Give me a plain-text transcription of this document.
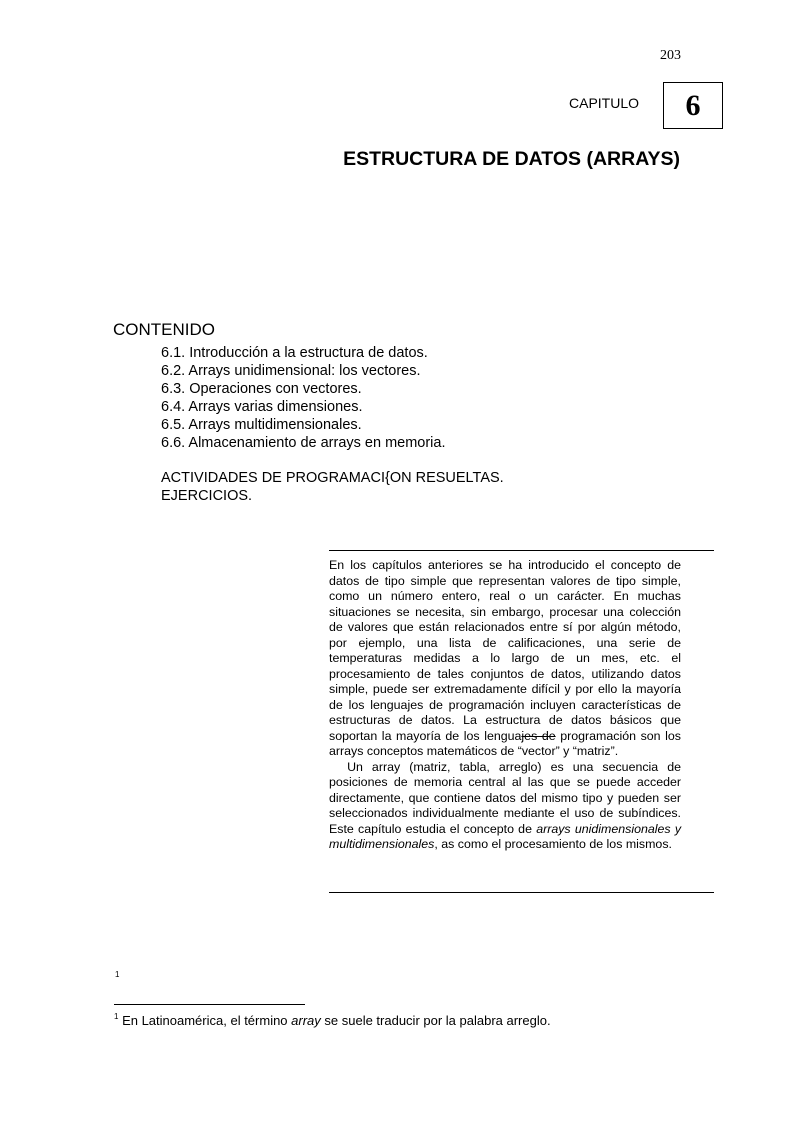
203
CAPITULO	6
ESTRUCTURA DE DATOS (ARRAYS)
CONTENIDO
6.1. Introducción a la estructura de datos.
6.2. Arrays unidimensional: los vectores.
6.3. Operaciones con vectores.
6.4. Arrays varias dimensiones.
6.5. Arrays multidimensionales.
6.6. Almacenamiento de arrays en memoria.
ACTIVIDADES DE PROGRAMACI{ON RESUELTAS.
EJERCICIOS.

En los capítulos anteriores se ha introducido el concepto de datos de tipo simple que representan valores de tipo simple, como un número entero, real o un carácter. En muchas situaciones se necesita, sin embargo, procesar una colección de valores que están relacionados entre sí por algún método, por ejemplo, una lista de calificaciones, una serie de temperaturas medidas a lo largo de un mes, etc. el procesamiento de tales conjuntos de datos, utilizando datos simple, puede ser extremadamente difícil y por ello la mayoría de los lenguajes de programación incluyen características de estructuras de datos. La estructura de datos básicos que soportan la mayoría de los lenguajes de programación son los arrays conceptos matemáticos de “vector” y “matriz”.

Un array (matriz, tabla, arreglo) es una secuencia de posiciones de memoria central al las que se puede acceder directamente, que contiene datos del mismo tipo y pueden ser seleccionados individualmente mediante el uso de subíndices. Este capítulo estudia el concepto de arrays unidimensionales y multidimensionales, as como el procesamiento de los mismos.

1
$^1$ En Latinoamérica, el término array se suele traducir por la palabra arreglo.
